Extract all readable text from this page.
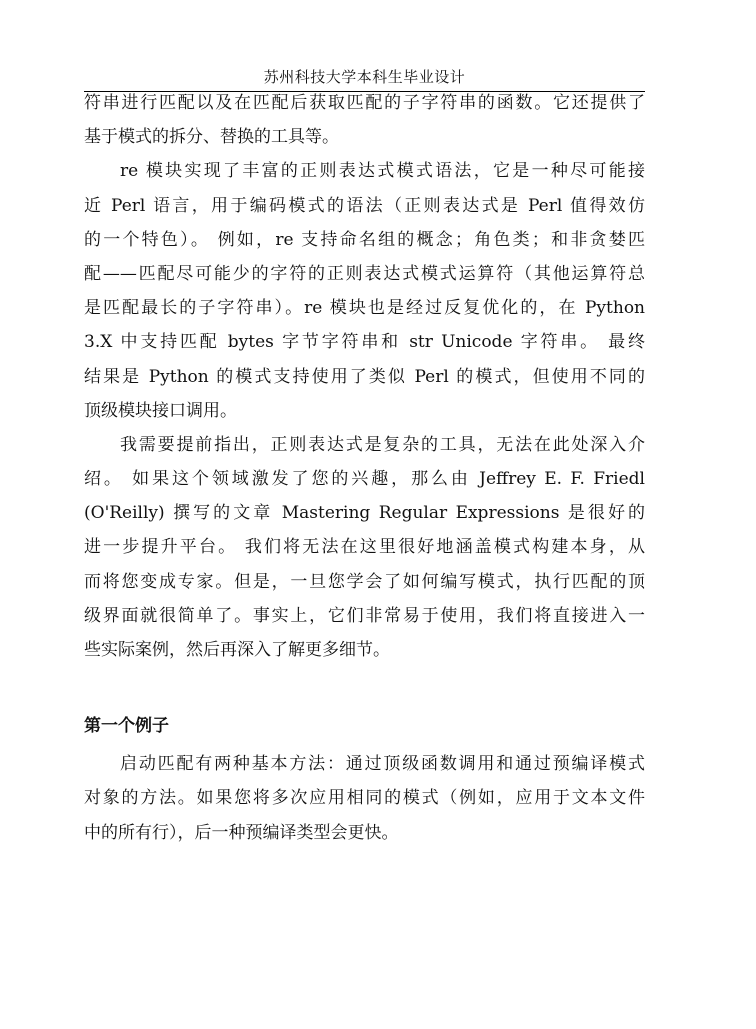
苏州科技大学本科生毕业设计
符串进行匹配以及在匹配后获取匹配的子字符串的函数。它还提供了
基于模式的拆分、替换的工具等。
re 模块实现了丰富的正则表达式模式语法，它是一种尽可能接
近 Perl 语言，用于编码模式的语法（正则表达式是 Perl 值得效仿
的一个特色）。 例如，re 支持命名组的概念；角色类；和非贪婪匹
配——匹配尽可能少的字符的正则表达式模式运算符（其他运算符总
是匹配最长的子字符串）。re 模块也是经过反复优化的，在 Python
3.X 中支持匹配 bytes 字节字符串和 str Unicode 字符串。 最终
结果是 Python 的模式支持使用了类似 Perl 的模式，但使用不同的
顶级模块接口调用。
我需要提前指出，正则表达式是复杂的工具，无法在此处深入介
绍。 如果这个领域激发了您的兴趣，那么由 Jeffrey E. F. Friedl
(O'Reilly) 撰写的文章 Mastering Regular Expressions 是很好的
进一步提升平台。 我们将无法在这里很好地涵盖模式构建本身，从
而将您变成专家。但是，一旦您学会了如何编写模式，执行匹配的顶
级界面就很简单了。事实上，它们非常易于使用，我们将直接进入一
些实际案例，然后再深入了解更多细节。
第一个例子
启动匹配有两种基本方法：通过顶级函数调用和通过预编译模式
对象的方法。如果您将多次应用相同的模式（例如，应用于文本文件
中的所有行），后一种预编译类型会更快。
